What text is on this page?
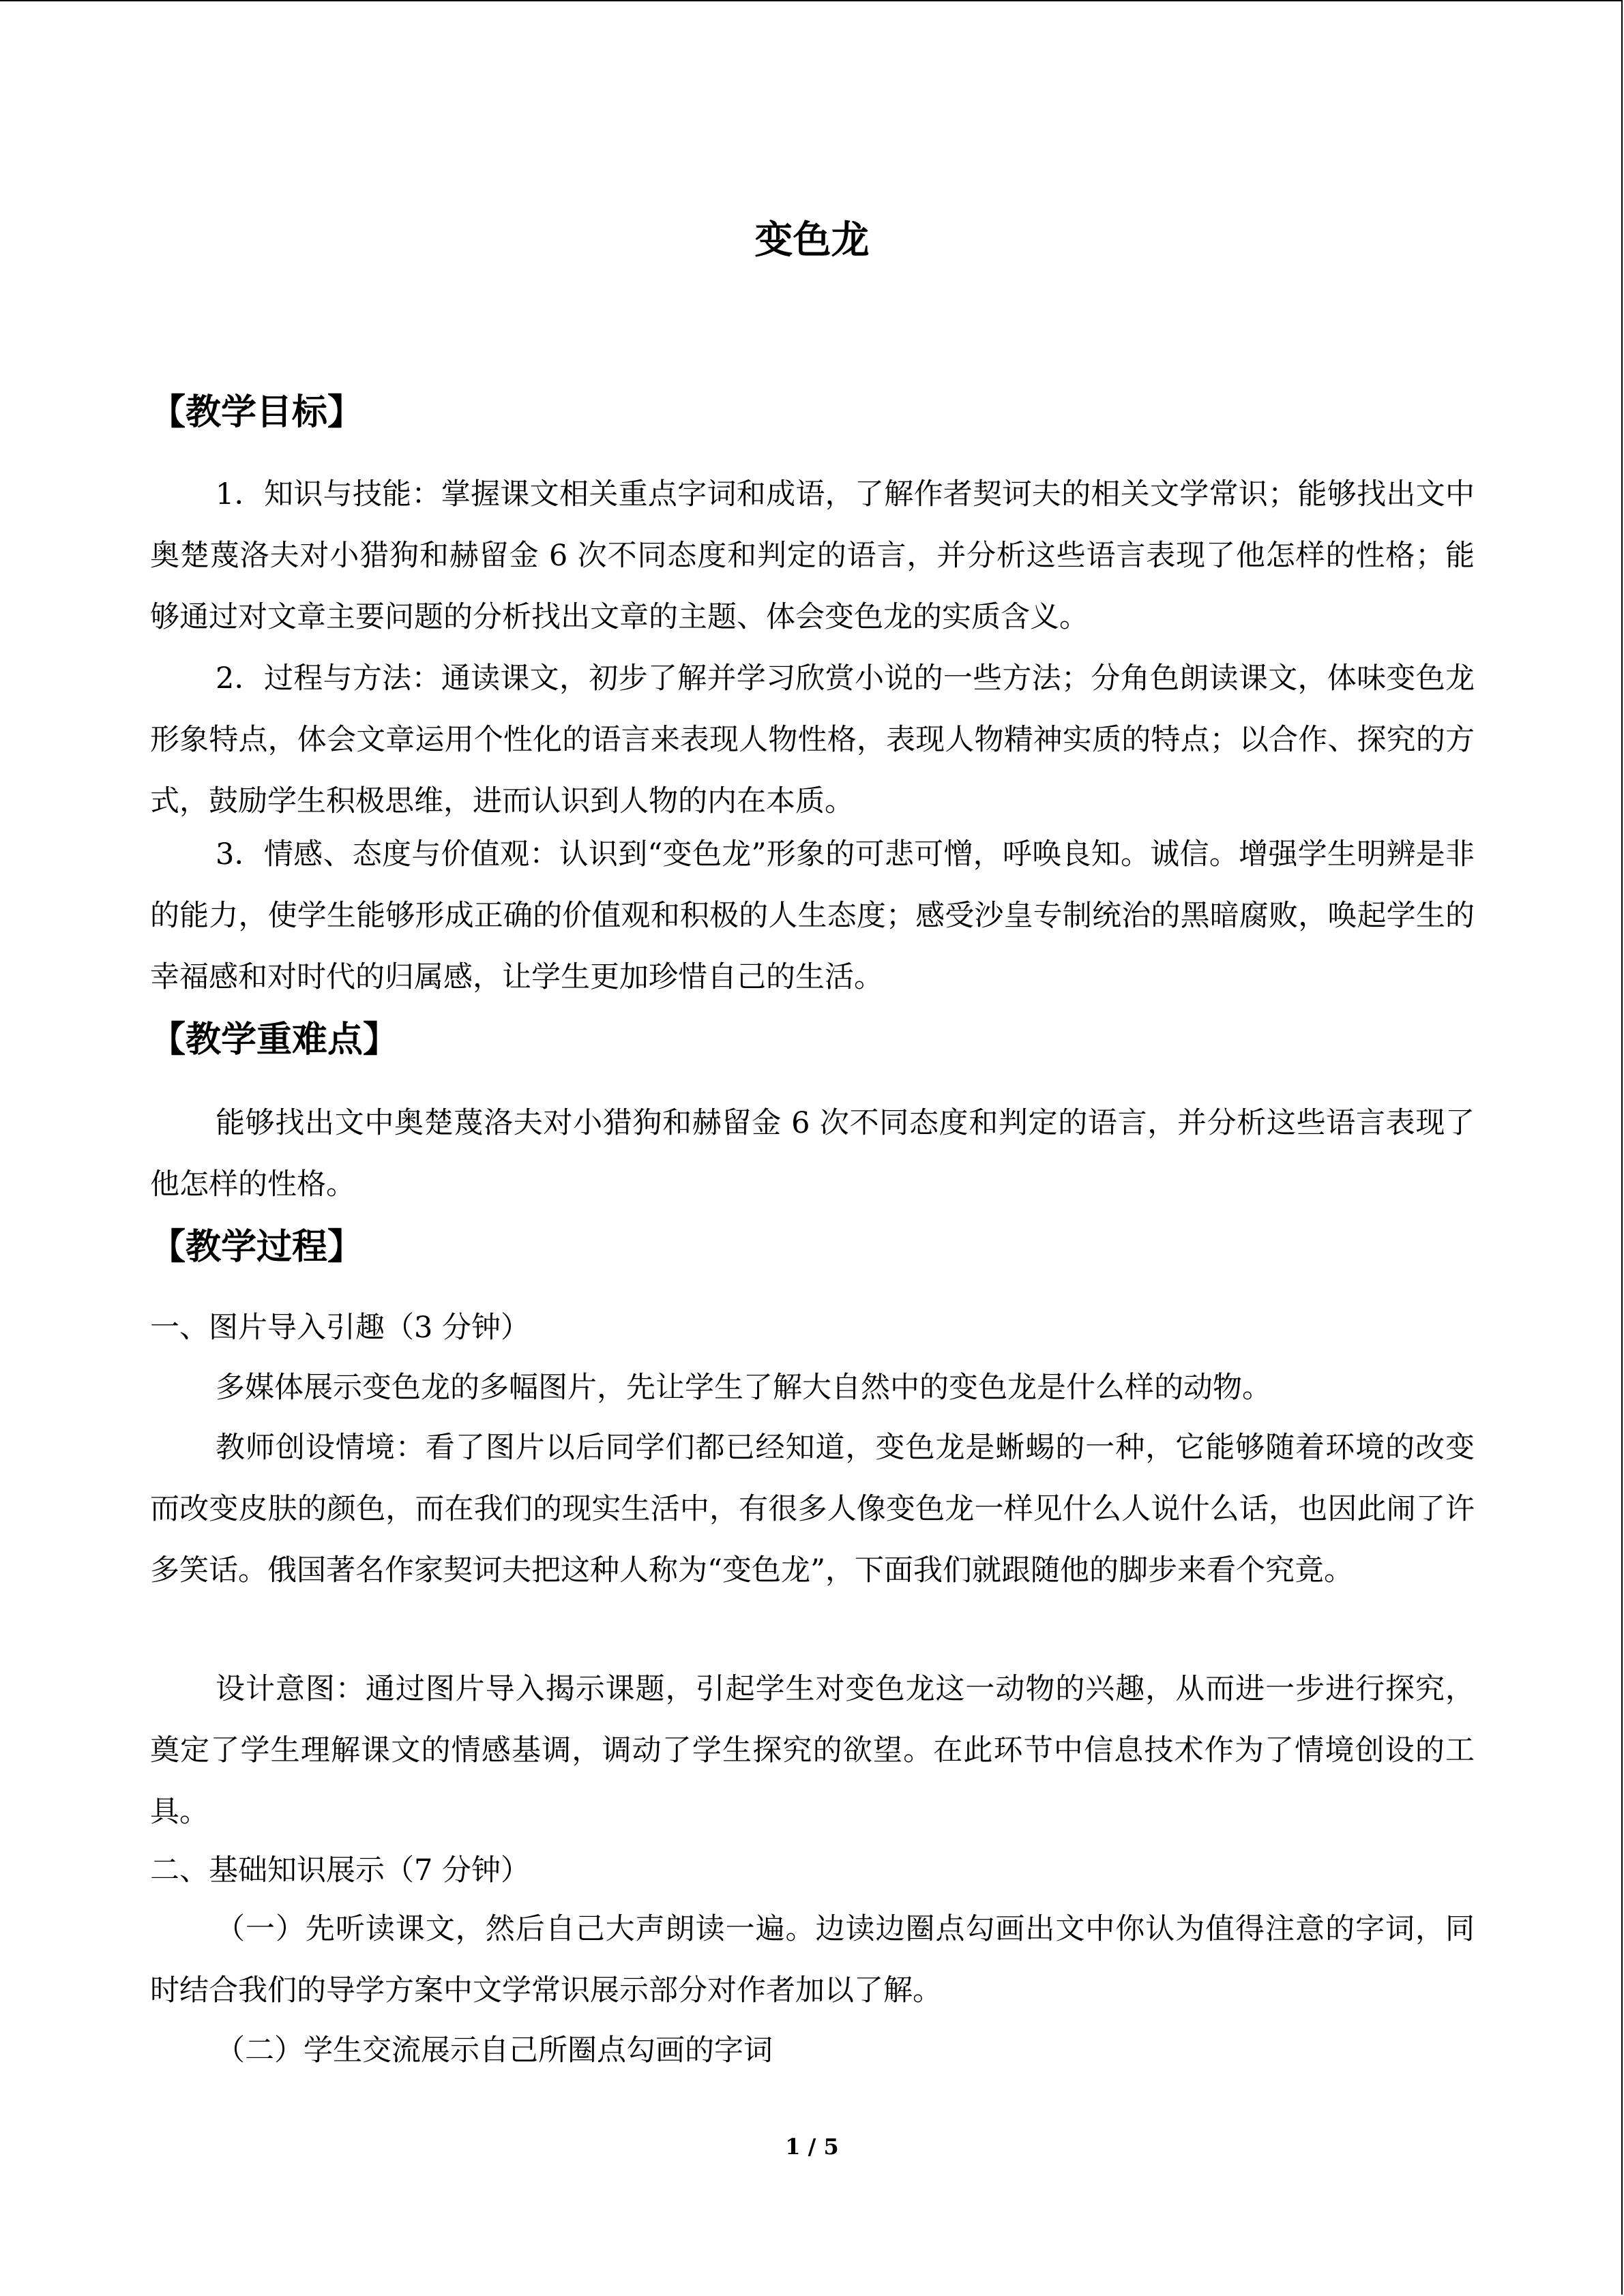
变色龙
【教学目标】

1．知识与技能：掌握课文相关重点字词和成语，了解作者契诃夫的相关文学常识；能够找出文中奥楚蔑洛夫对小猎狗和赫留金 6 次不同态度和判定的语言，并分析这些语言表现了他怎样的性格；能够通过对文章主要问题的分析找出文章的主题、体会变色龙的实质含义。

2．过程与方法：通读课文，初步了解并学习欣赏小说的一些方法；分角色朗读课文，体味变色龙形象特点，体会文章运用个性化的语言来表现人物性格，表现人物精神实质的特点；以合作、探究的方式，鼓励学生积极思维，进而认识到人物的内在本质。

3．情感、态度与价值观：认识到“变色龙”形象的可悲可憎，呼唤良知。诚信。增强学生明辨是非的能力，使学生能够形成正确的价值观和积极的人生态度；感受沙皇专制统治的黑暗腐败，唤起学生的幸福感和对时代的归属感，让学生更加珍惜自己的生活。

【教学重难点】

能够找出文中奥楚蔑洛夫对小猎狗和赫留金 6 次不同态度和判定的语言，并分析这些语言表现了他怎样的性格。

【教学过程】
一、图片导入引趣（3 分钟）

多媒体展示变色龙的多幅图片，先让学生了解大自然中的变色龙是什么样的动物。

教师创设情境：看了图片以后同学们都已经知道，变色龙是蜥蜴的一种，它能够随着环境的改变而改变皮肤的颜色，而在我们的现实生活中，有很多人像变色龙一样见什么人说什么话，也因此闹了许多笑话。俄国著名作家契诃夫把这种人称为“变色龙”，下面我们就跟随他的脚步来看个究竟。

设计意图：通过图片导入揭示课题，引起学生对变色龙这一动物的兴趣，从而进一步进行探究，奠定了学生理解课文的情感基调，调动了学生探究的欲望。在此环节中信息技术作为了情境创设的工具。

二、基础知识展示（7 分钟）

（一）先听读课文，然后自己大声朗读一遍。边读边圈点勾画出文中你认为值得注意的字词，同时结合我们的导学方案中文学常识展示部分对作者加以了解。

（二）学生交流展示自己所圈点勾画的字词

1 / 5
